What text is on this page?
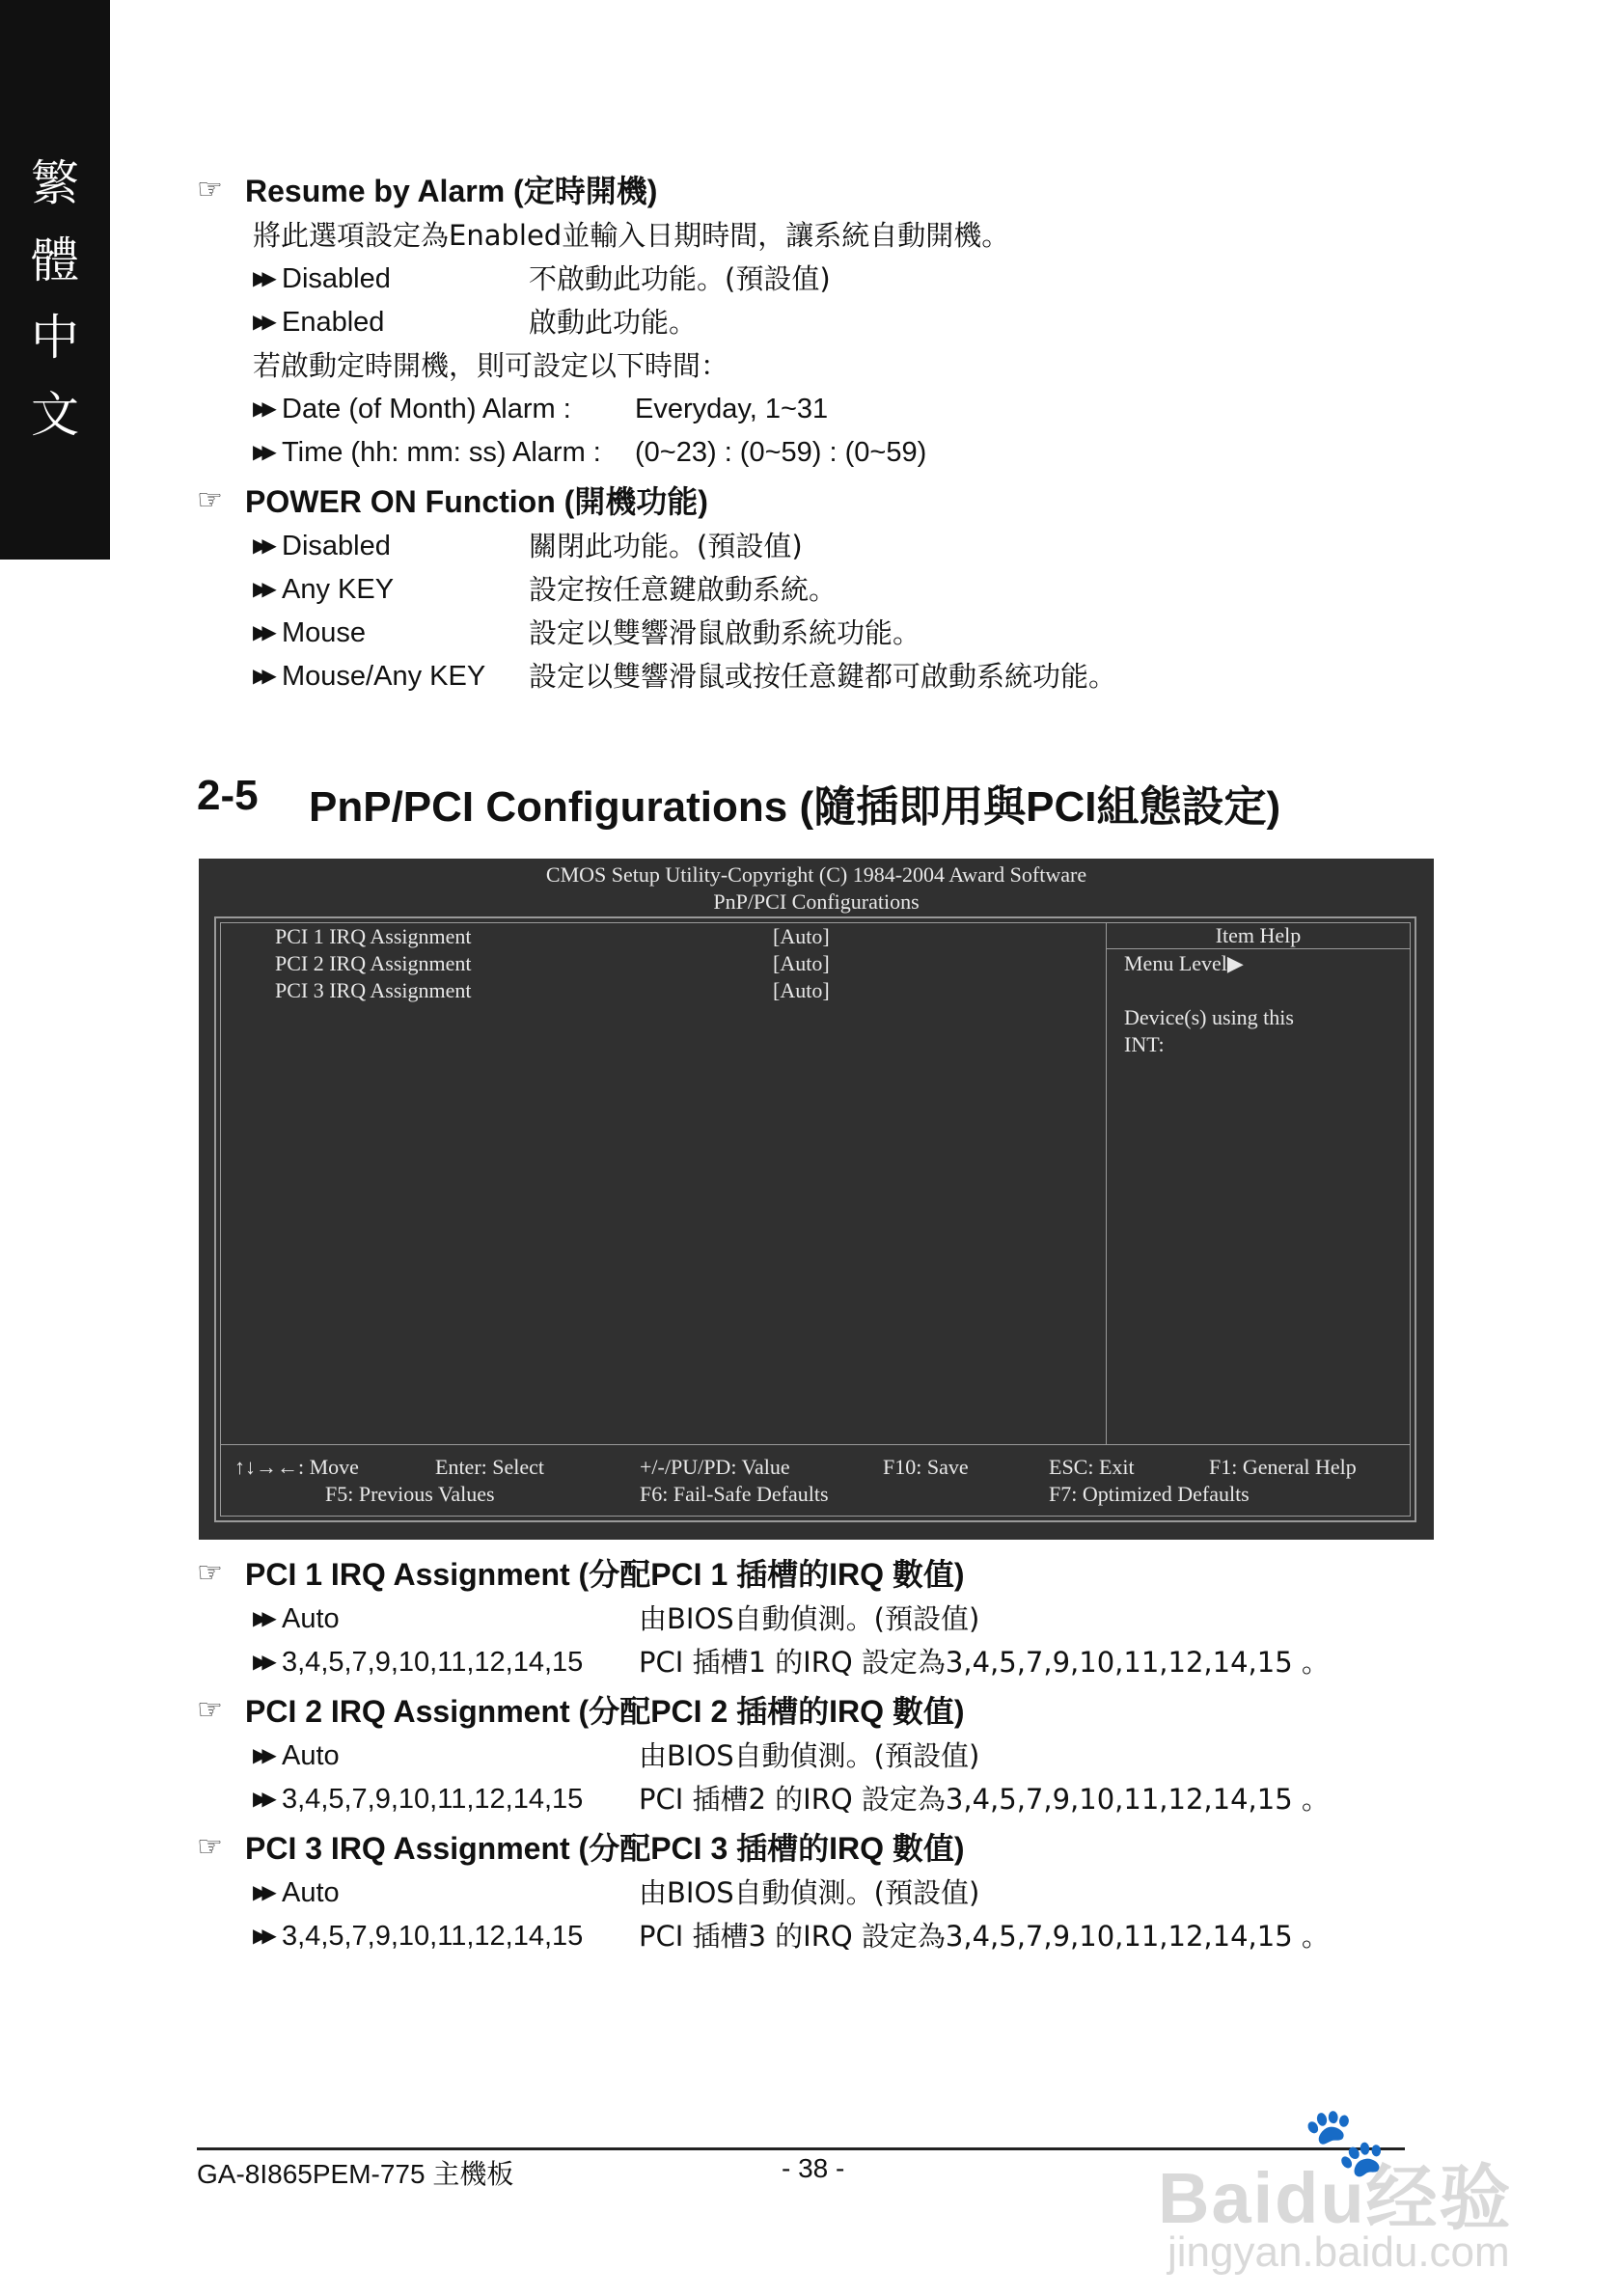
繁
體
中
文
☞
Resume by Alarm (定時開機)
將此選項設定為Enabled並輸入日期時間，讓系統自動開機。
▶▶
Disabled	不啟動此功能。(預設值)
▶▶
Enabled	啟動此功能。
若啟動定時開機，則可設定以下時間：
▶▶
Date (of Month) Alarm :	Everyday, 1~31
▶▶
Time (hh: mm: ss) Alarm :	(0~23) : (0~59) : (0~59)
☞
POWER ON Function (開機功能)
▶▶
Disabled	關閉此功能。(預設值)
▶▶
Any KEY	設定按任意鍵啟動系統。
▶▶
Mouse	設定以雙響滑鼠啟動系統功能。
▶▶
Mouse/Any KEY	設定以雙響滑鼠或按任意鍵都可啟動系統功能。
2-5	PnP/PCI Configurations (隨插即用與PCI組態設定)
CMOS Setup Utility-Copyright (C) 1984-2004 Award Software
PnP/PCI Configurations
Item Help
PCI 1 IRQ Assignment	[Auto]
PCI 2 IRQ Assignment	[Auto]
PCI 3 IRQ Assignment	[Auto]
Menu Level▶
Device(s) using this
INT:
↑↓→←: Move	Enter: Select	+/-/PU/PD: Value	F10: Save	ESC: Exit	F1: General Help
F5: Previous Values	F6: Fail-Safe Defaults	F7: Optimized Defaults
☞
PCI 1 IRQ Assignment (分配PCI 1 插槽的IRQ 數值)
▶▶
Auto	由BIOS自動偵測。(預設值)
▶▶
3,4,5,7,9,10,11,12,14,15	PCI 插槽1 的IRQ 設定為3,4,5,7,9,10,11,12,14,15 。
☞
PCI 2 IRQ Assignment (分配PCI 2 插槽的IRQ 數值)
▶▶
Auto	由BIOS自動偵測。(預設值)
▶▶
3,4,5,7,9,10,11,12,14,15	PCI 插槽2 的IRQ 設定為3,4,5,7,9,10,11,12,14,15 。
☞
PCI 3 IRQ Assignment (分配PCI 3 插槽的IRQ 數值)
▶▶
Auto	由BIOS自動偵測。(預設值)
▶▶
3,4,5,7,9,10,11,12,14,15	PCI 插槽3 的IRQ 設定為3,4,5,7,9,10,11,12,14,15 。
GA-8I865PEM-775 主機板	- 38 -	🐾
Baidu经验
jingyan.baidu.com
